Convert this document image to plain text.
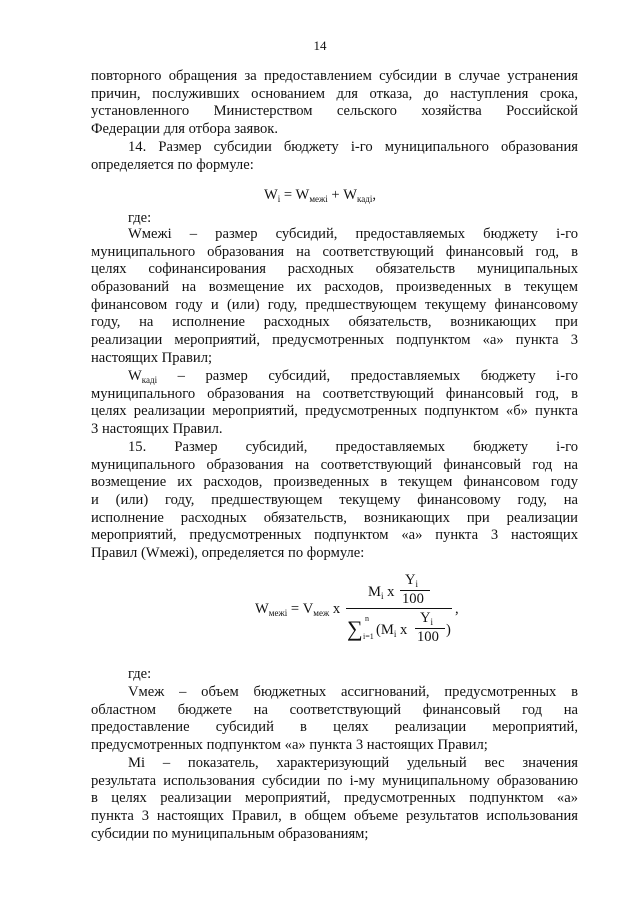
14
повторного обращения за предоставлением субсидии в случае устранения
причин, послуживших основанием для отказа, до наступления срока,
установленного Министерством сельского хозяйства Российской
Федерации для отбора заявок.
14. Размер субсидии бюджету i-го муниципального образования
определяется по формуле:
$W_i = W_{межі} + W_{каді}$,
где:
Wмежі – размер субсидий, предоставляемых бюджету i-го
муниципального образования на соответствующий финансовый год, в
целях софинансирования расходных обязательств муниципальных
образований на возмещение их расходов, произведенных в текущем
финансовом году и (или) году, предшествующем текущему финансовому
году, на исполнение расходных обязательств, возникающих при
реализации мероприятий, предусмотренных подпунктом «а» пункта 3
настоящих Правил;
$W_{каді}$ – размер субсидий, предоставляемых бюджету i-го
муниципального образования на соответствующий финансовый год, в
целях реализации мероприятий, предусмотренных подпунктом «б» пункта
3 настоящих Правил.
15. Размер субсидий, предоставляемых бюджету i-го
муниципального образования на соответствующий финансовый год на
возмещение их расходов, произведенных в текущем финансовом году
и (или) году, предшествующем текущему финансовому году, на
исполнение расходных обязательств, возникающих при реализации
мероприятий, предусмотренных подпунктом «а» пункта 3 настоящих
Правил (Wмежі), определяется по формуле:
$W_{межі} = V_{меж}$ x
$M_i$ x
$Y_i$
100
∑ n
i=1 ($M_i$ x
$Y_i$
100 )
,
где:
Vмеж – объем бюджетных ассигнований, предусмотренных в
областном бюджете на соответствующий финансовый год на
предоставление субсидий в целях реализации мероприятий,
предусмотренных подпунктом «а» пункта 3 настоящих Правил;
Mi – показатель, характеризующий удельный вес значения
результата использования субсидии по i-му муниципальному образованию
в целях реализации мероприятий, предусмотренных подпунктом «а»
пункта 3 настоящих Правил, в общем объеме результатов использования
субсидии по муниципальным образованиям;
